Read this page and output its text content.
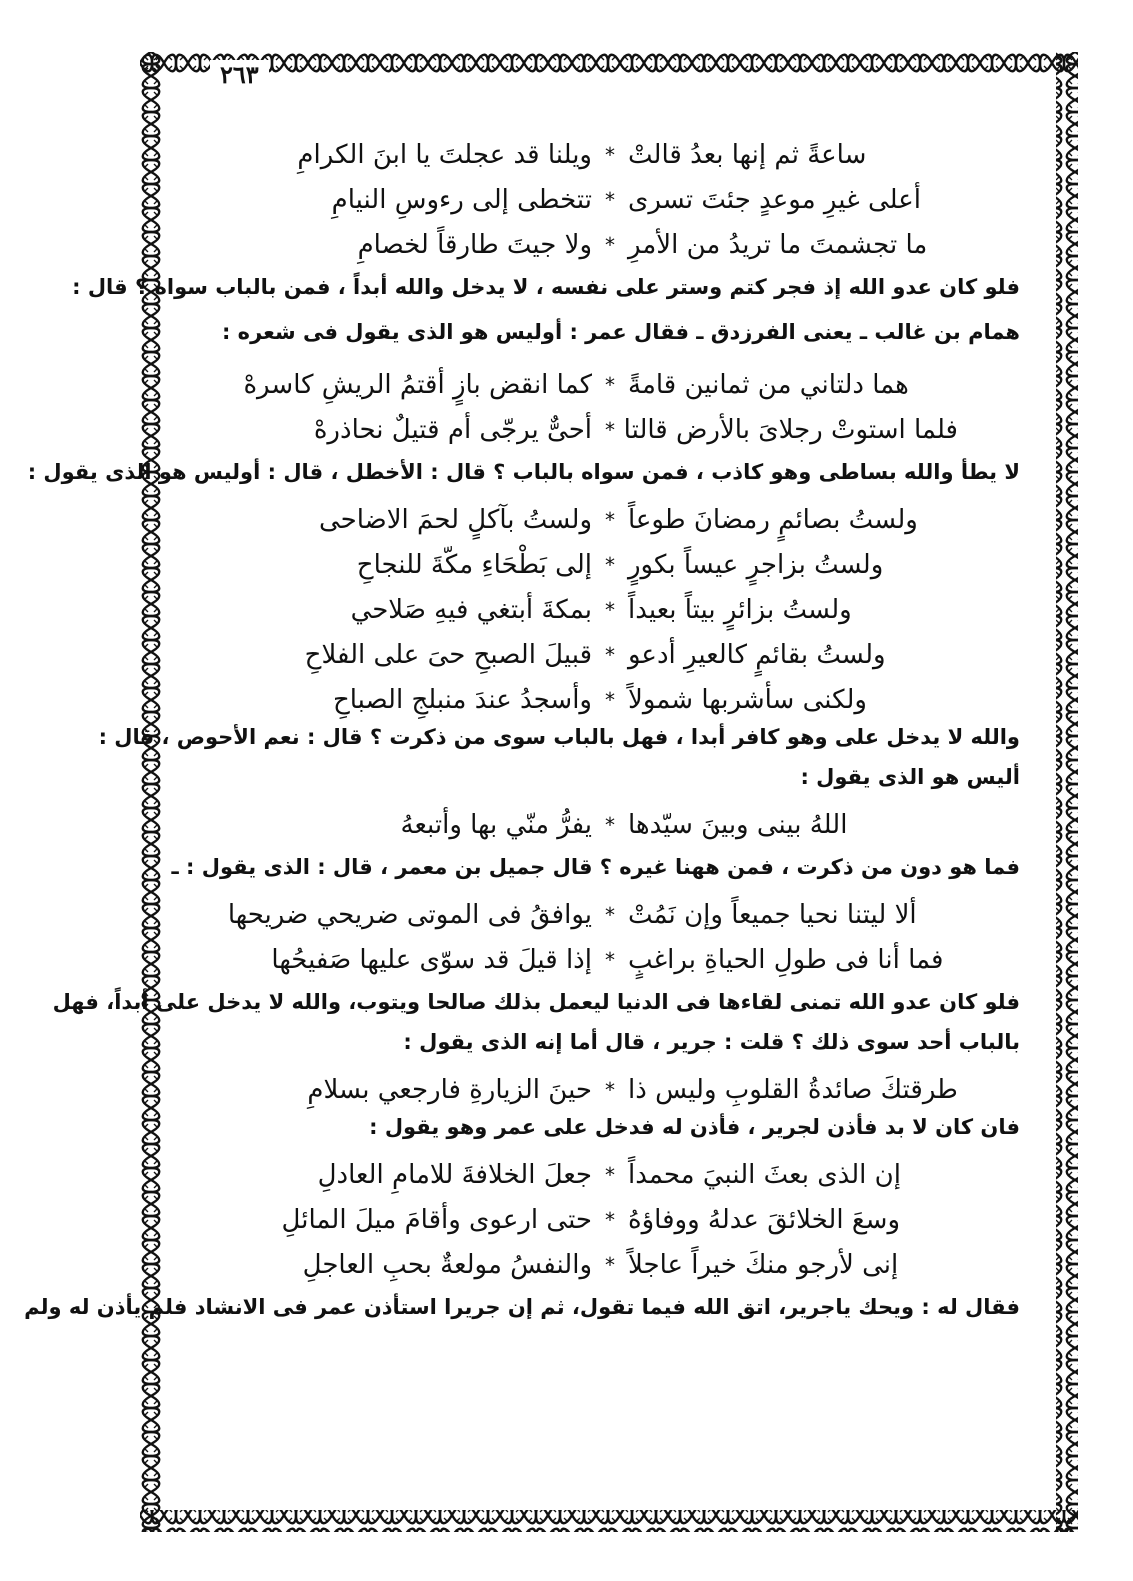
٢٦٣
ساعةً ثم إنها بعدُ قالتْ
*
ويلنا قد عجلتَ يا ابنَ الكرامِ
أعلى غيرِ موعدٍ جئتَ تسرى
*
تتخطى إلى رءوسِ النيامِ
ما تجشمتَ ما تريدُ من الأمرِ
*
ولا جيتَ طارقاً لخصامِ
فلو كان عدو الله إذ فجر كتم وستر على نفسه ، لا يدخل والله أبداً ، فمن بالباب سواه ؟ قال :
همام بن غالب ـ يعنى الفرزدق ـ فقال عمر : أوليس هو الذى يقول فى شعره :
هما دلتاني من ثمانين قامةً
*
كما انقض بازٍ أقتمُ الريشِ كاسرهْ
فلما استوتْ رجلاىَ بالأرض قالتا
*
أحىٌّ يرجّى أم قتيلٌ نحاذرهْ
لا يطأ والله بساطى وهو كاذب ، فمن سواه بالباب ؟ قال : الأخطل ، قال : أوليس هو الذى يقول :
ولستُ بصائمٍ رمضانَ طوعاً
*
ولستُ بآكلٍ لحمَ الاضاحى
ولستُ بزاجرٍ عيساً بكورٍ
*
إلى بَطْحَاءِ مكّةَ للنجاحِ
ولستُ بزائرٍ بيتاً بعيداً
*
بمكةَ أبتغي فيهِ صَلاحي
ولستُ بقائمٍ كالعيرِ أدعو
*
قبيلَ الصبحِ حىَ على الفلاحِ
ولكنى سأشربها شمولاً
*
وأسجدُ عندَ منبلجِ الصباحِ
والله لا يدخل على وهو كافر أبدا ، فهل بالباب سوى من ذكرت ؟ قال : نعم الأحوص ، قال :
أليس هو الذى يقول :
اللهُ بينى وبينَ سيّدها
*
يفرُّ منّي بها وأتبعهُ
فما هو دون من ذكرت ، فمن ههنا غيره ؟ قال جميل بن معمر ، قال : الذى يقول : ـ
ألا ليتنا نحيا جميعاً وإن نَمُتْ
*
يوافقُ فى الموتى ضريحي ضريحها
فما أنا فى طولِ الحياةِ براغبٍ
*
إذا قيلَ قد سوّى عليها صَفيحُها
فلو كان عدو الله تمنى لقاءها فى الدنيا ليعمل بذلك صالحا ويتوب، والله لا يدخل على أبداً، فهل
بالباب أحد سوى ذلك ؟ قلت : جرير ، قال أما إنه الذى يقول :
طرقتكَ صائدةُ القلوبِ وليس ذا
*
حينَ الزيارةِ فارجعي بسلامِ
فان كان لا بد فأذن لجرير ، فأذن له فدخل على عمر وهو يقول :
إن الذى بعثَ النبيَ محمداً
*
جعلَ الخلافةَ للامامِ العادلِ
وسعَ الخلائقَ عدلهُ ووفاؤهُ
*
حتى ارعوى وأقامَ ميلَ المائلِ
إنى لأرجو منكَ خيراً عاجلاً
*
والنفسُ مولعةٌ بحبِ العاجلِ
فقال له : ويحك ياجرير، اتق الله فيما تقول، ثم إن جريرا استأذن عمر فى الانشاد فلم يأذن له ولم
